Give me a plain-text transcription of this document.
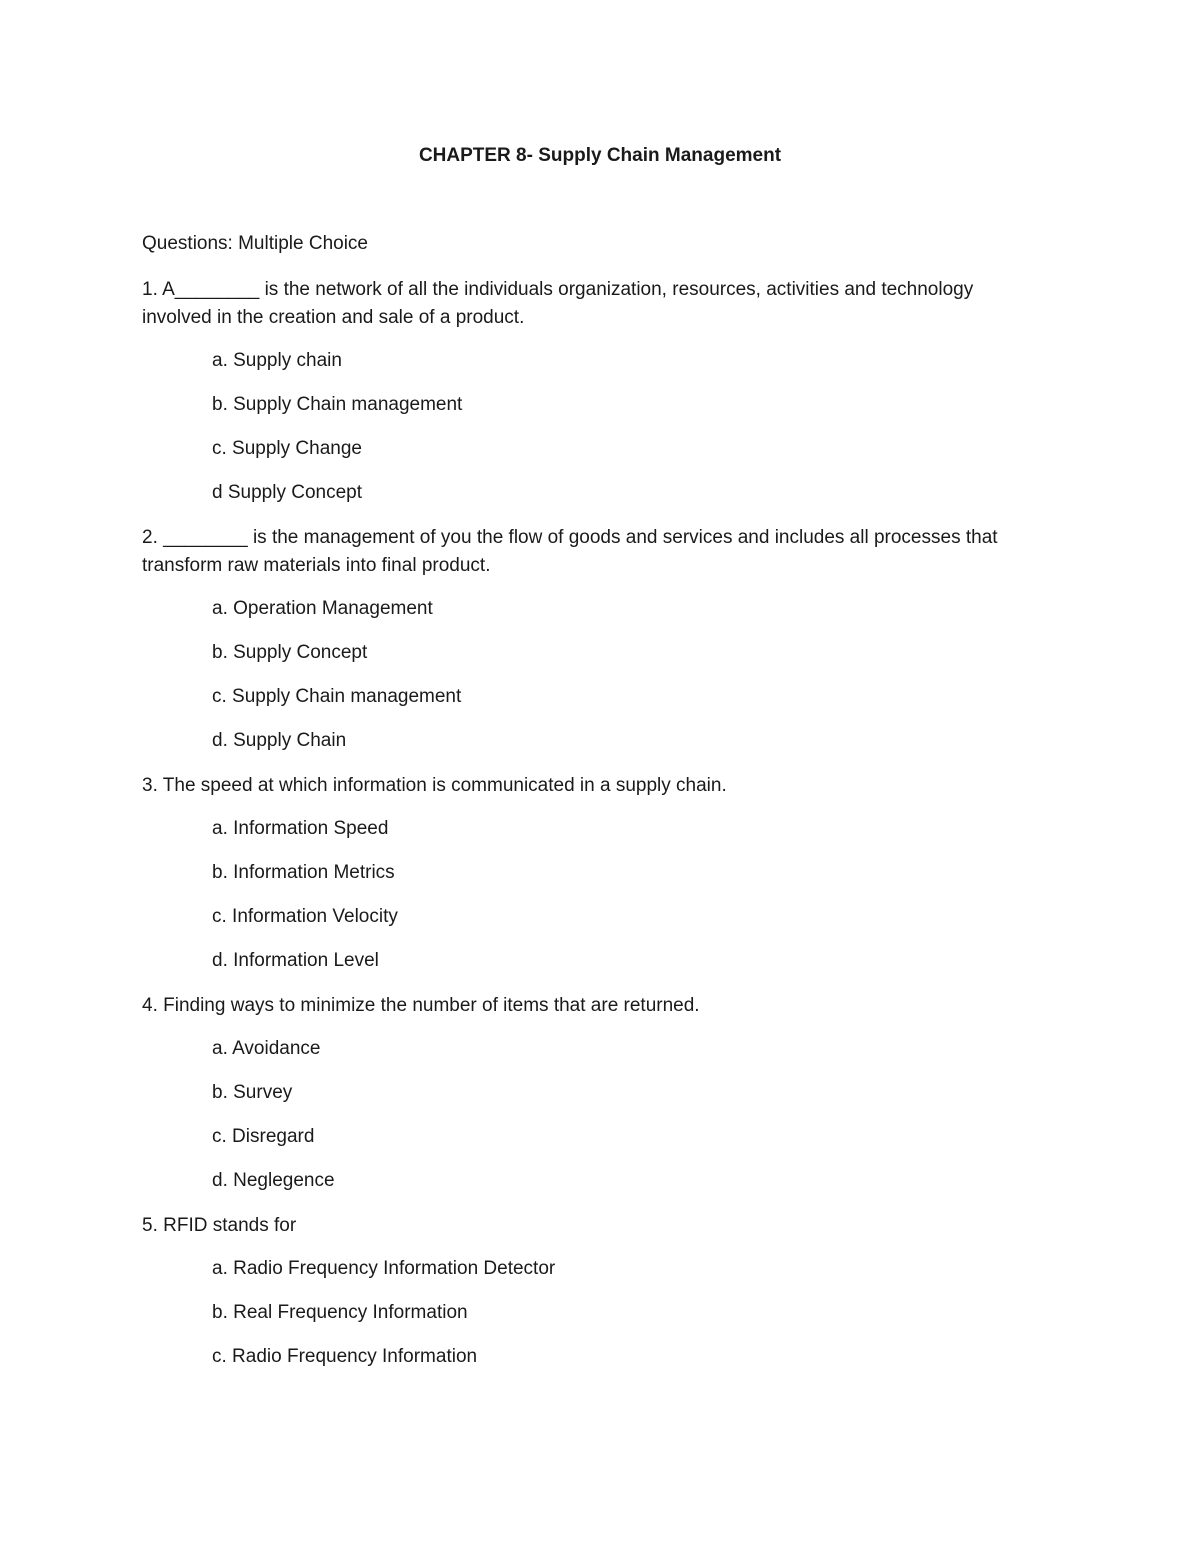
CHAPTER 8- Supply Chain Management
Questions: Multiple Choice

1. A________ is the network of all the individuals organization, resources, activities and technology involved in the creation and sale of a product.

a. Supply chain

b. Supply Chain management

c. Supply Change

d Supply Concept

2. ________ is the management of you the flow of goods and services and includes all processes that transform raw materials into final product.

a. Operation Management

b. Supply Concept

c. Supply Chain management

d. Supply Chain

3. The speed at which information is communicated in a supply chain.

a. Information Speed

b. Information Metrics

c. Information Velocity

d. Information Level

4. Finding ways to minimize the number of items that are returned.

a. Avoidance

b. Survey

c. Disregard

d. Neglegence

5. RFID stands for

a. Radio Frequency Information Detector

b. Real Frequency Information

c. Radio Frequency Information
